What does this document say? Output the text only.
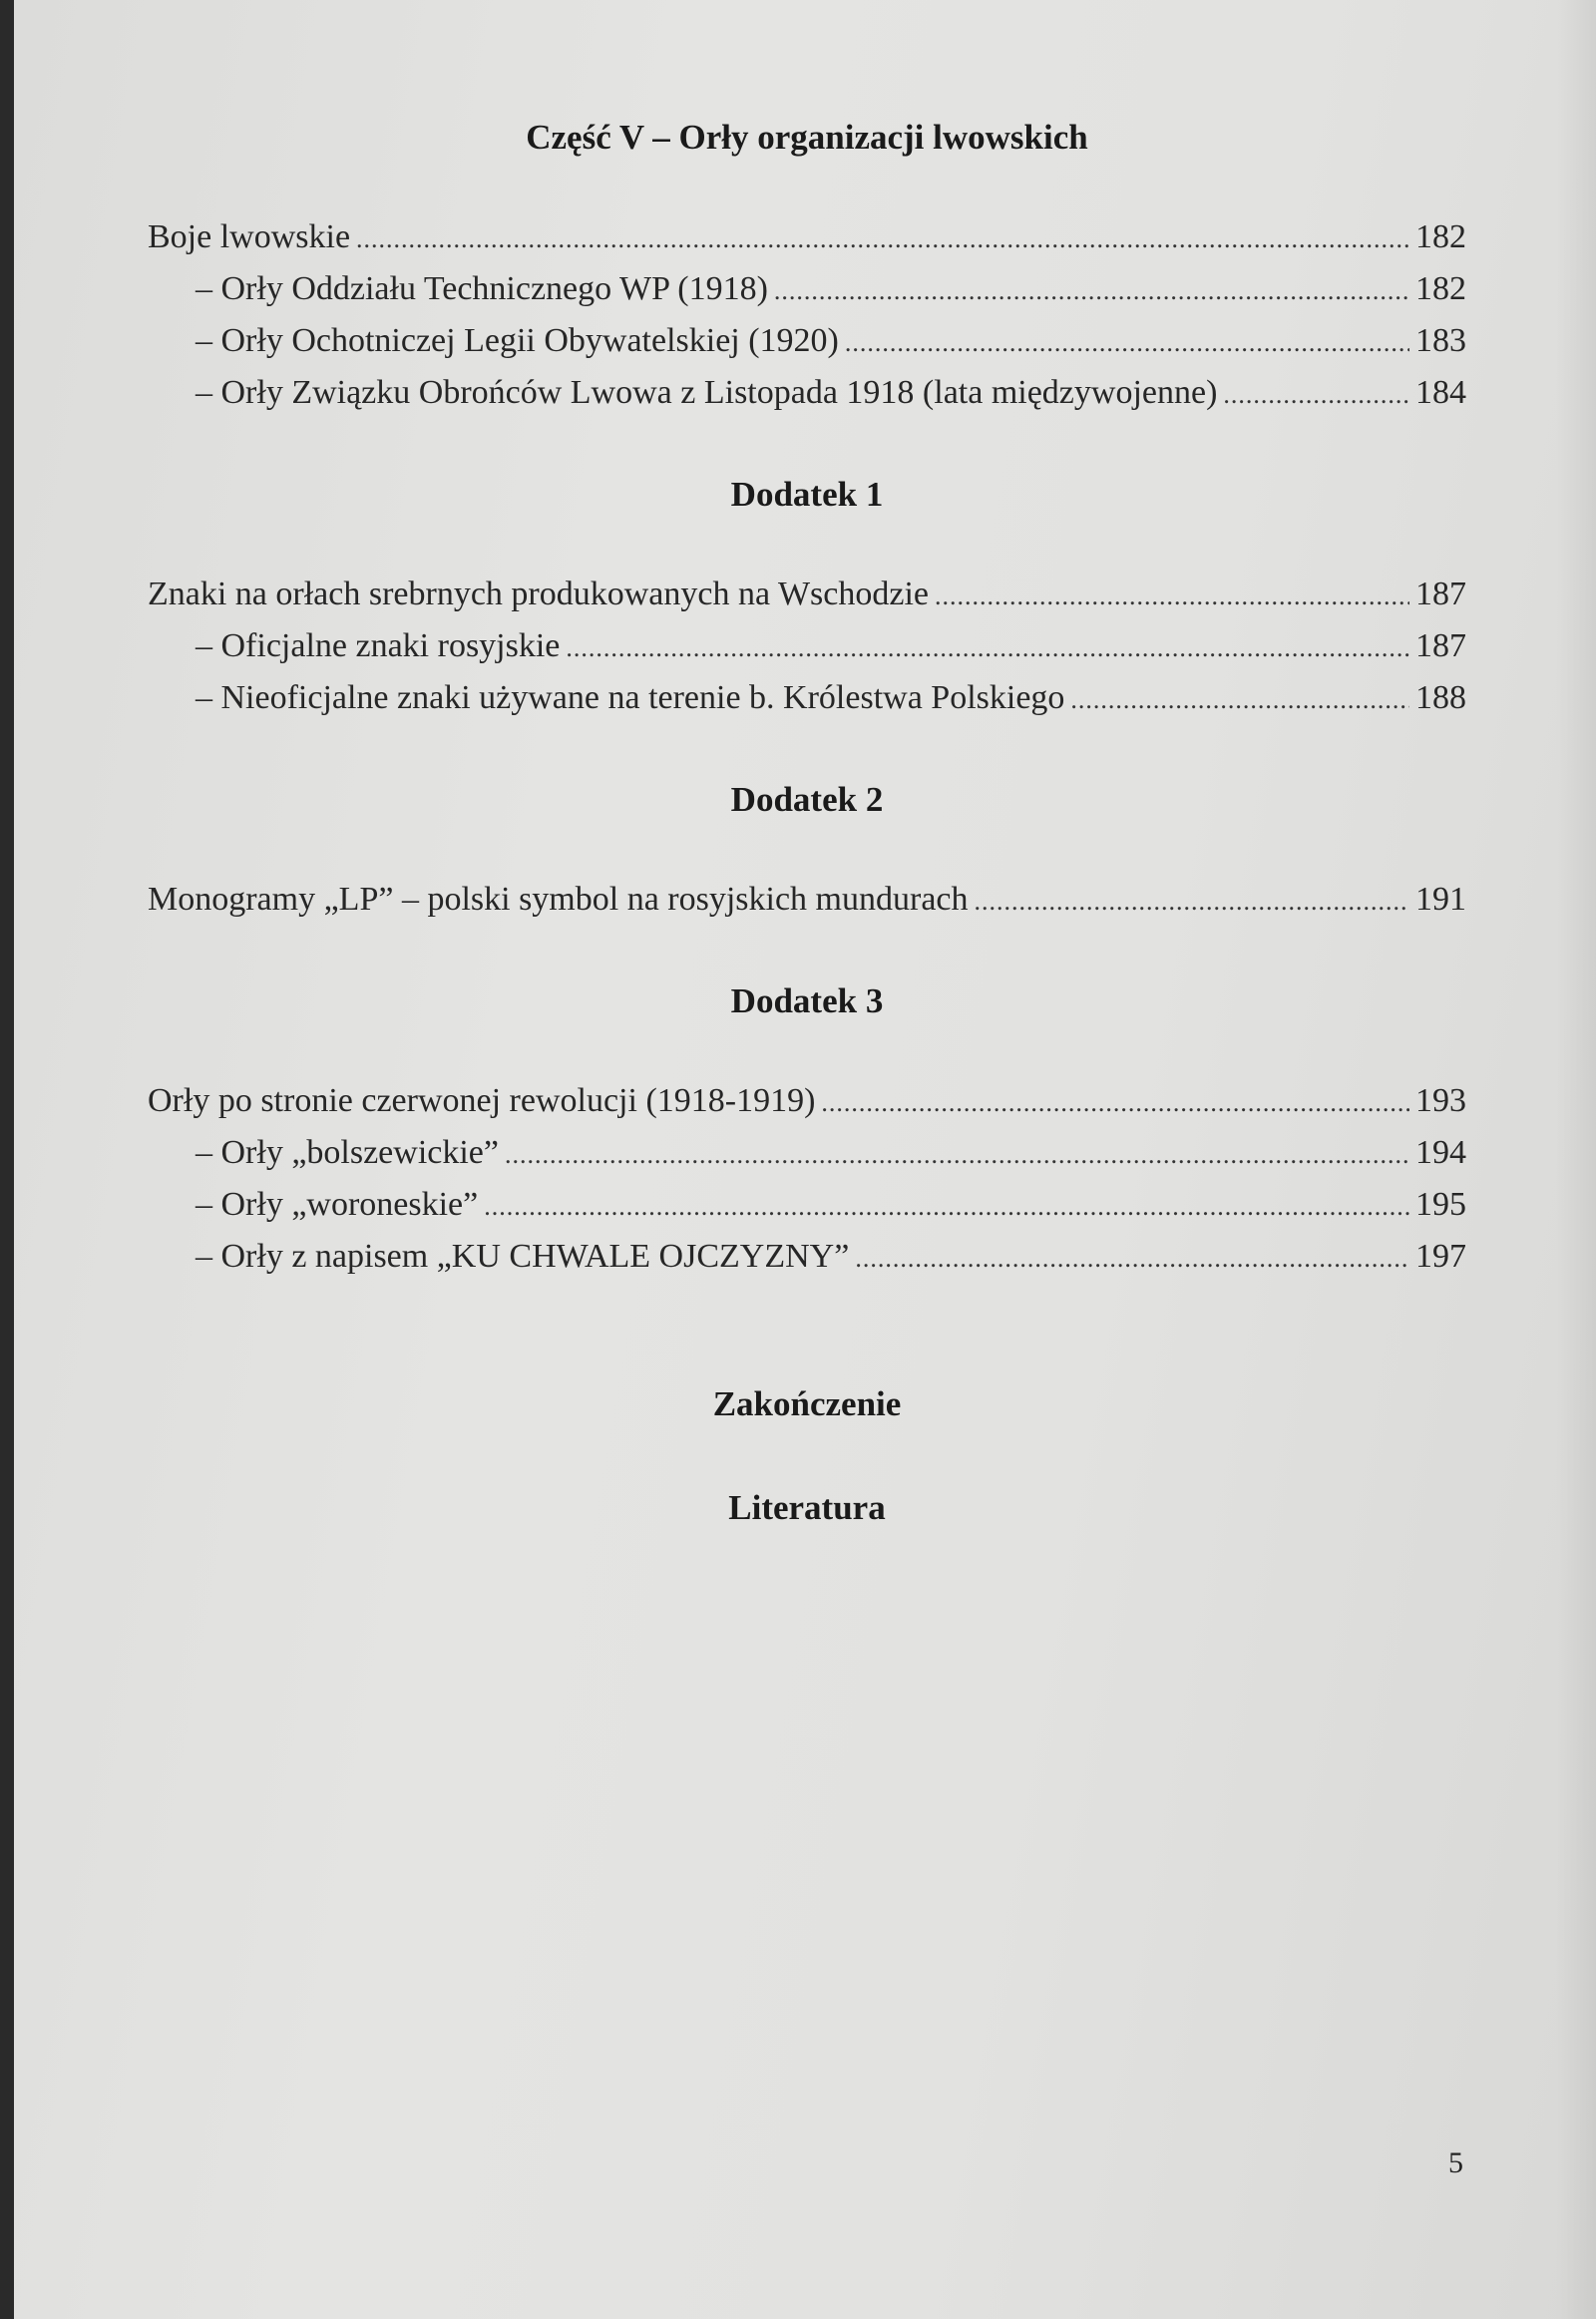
Część V – Orły organizacji lwowskich
Boje lwowskie .....	182
– Orły Oddziału Technicznego WP (1918) .....	182
– Orły Ochotniczej Legii Obywatelskiej (1920) .....	183
– Orły Związku Obrońców Lwowa z Listopada 1918 (lata międzywojenne) .....	184
Dodatek 1
Znaki na orłach srebrnych produkowanych na Wschodzie .....	187
– Oficjalne znaki rosyjskie .....	187
– Nieoficjalne znaki używane na terenie b. Królestwa Polskiego .....	188
Dodatek 2
Monogramy „LP” – polski symbol na rosyjskich mundurach .....	191
Dodatek 3
Orły po stronie czerwonej rewolucji (1918-1919) .....	193
– Orły „bolszewickie” .....	194
– Orły „woroneskie” .....	195
– Orły z napisem „KU CHWALE OJCZYZNY” .....	197
Zakończenie
Literatura
5
